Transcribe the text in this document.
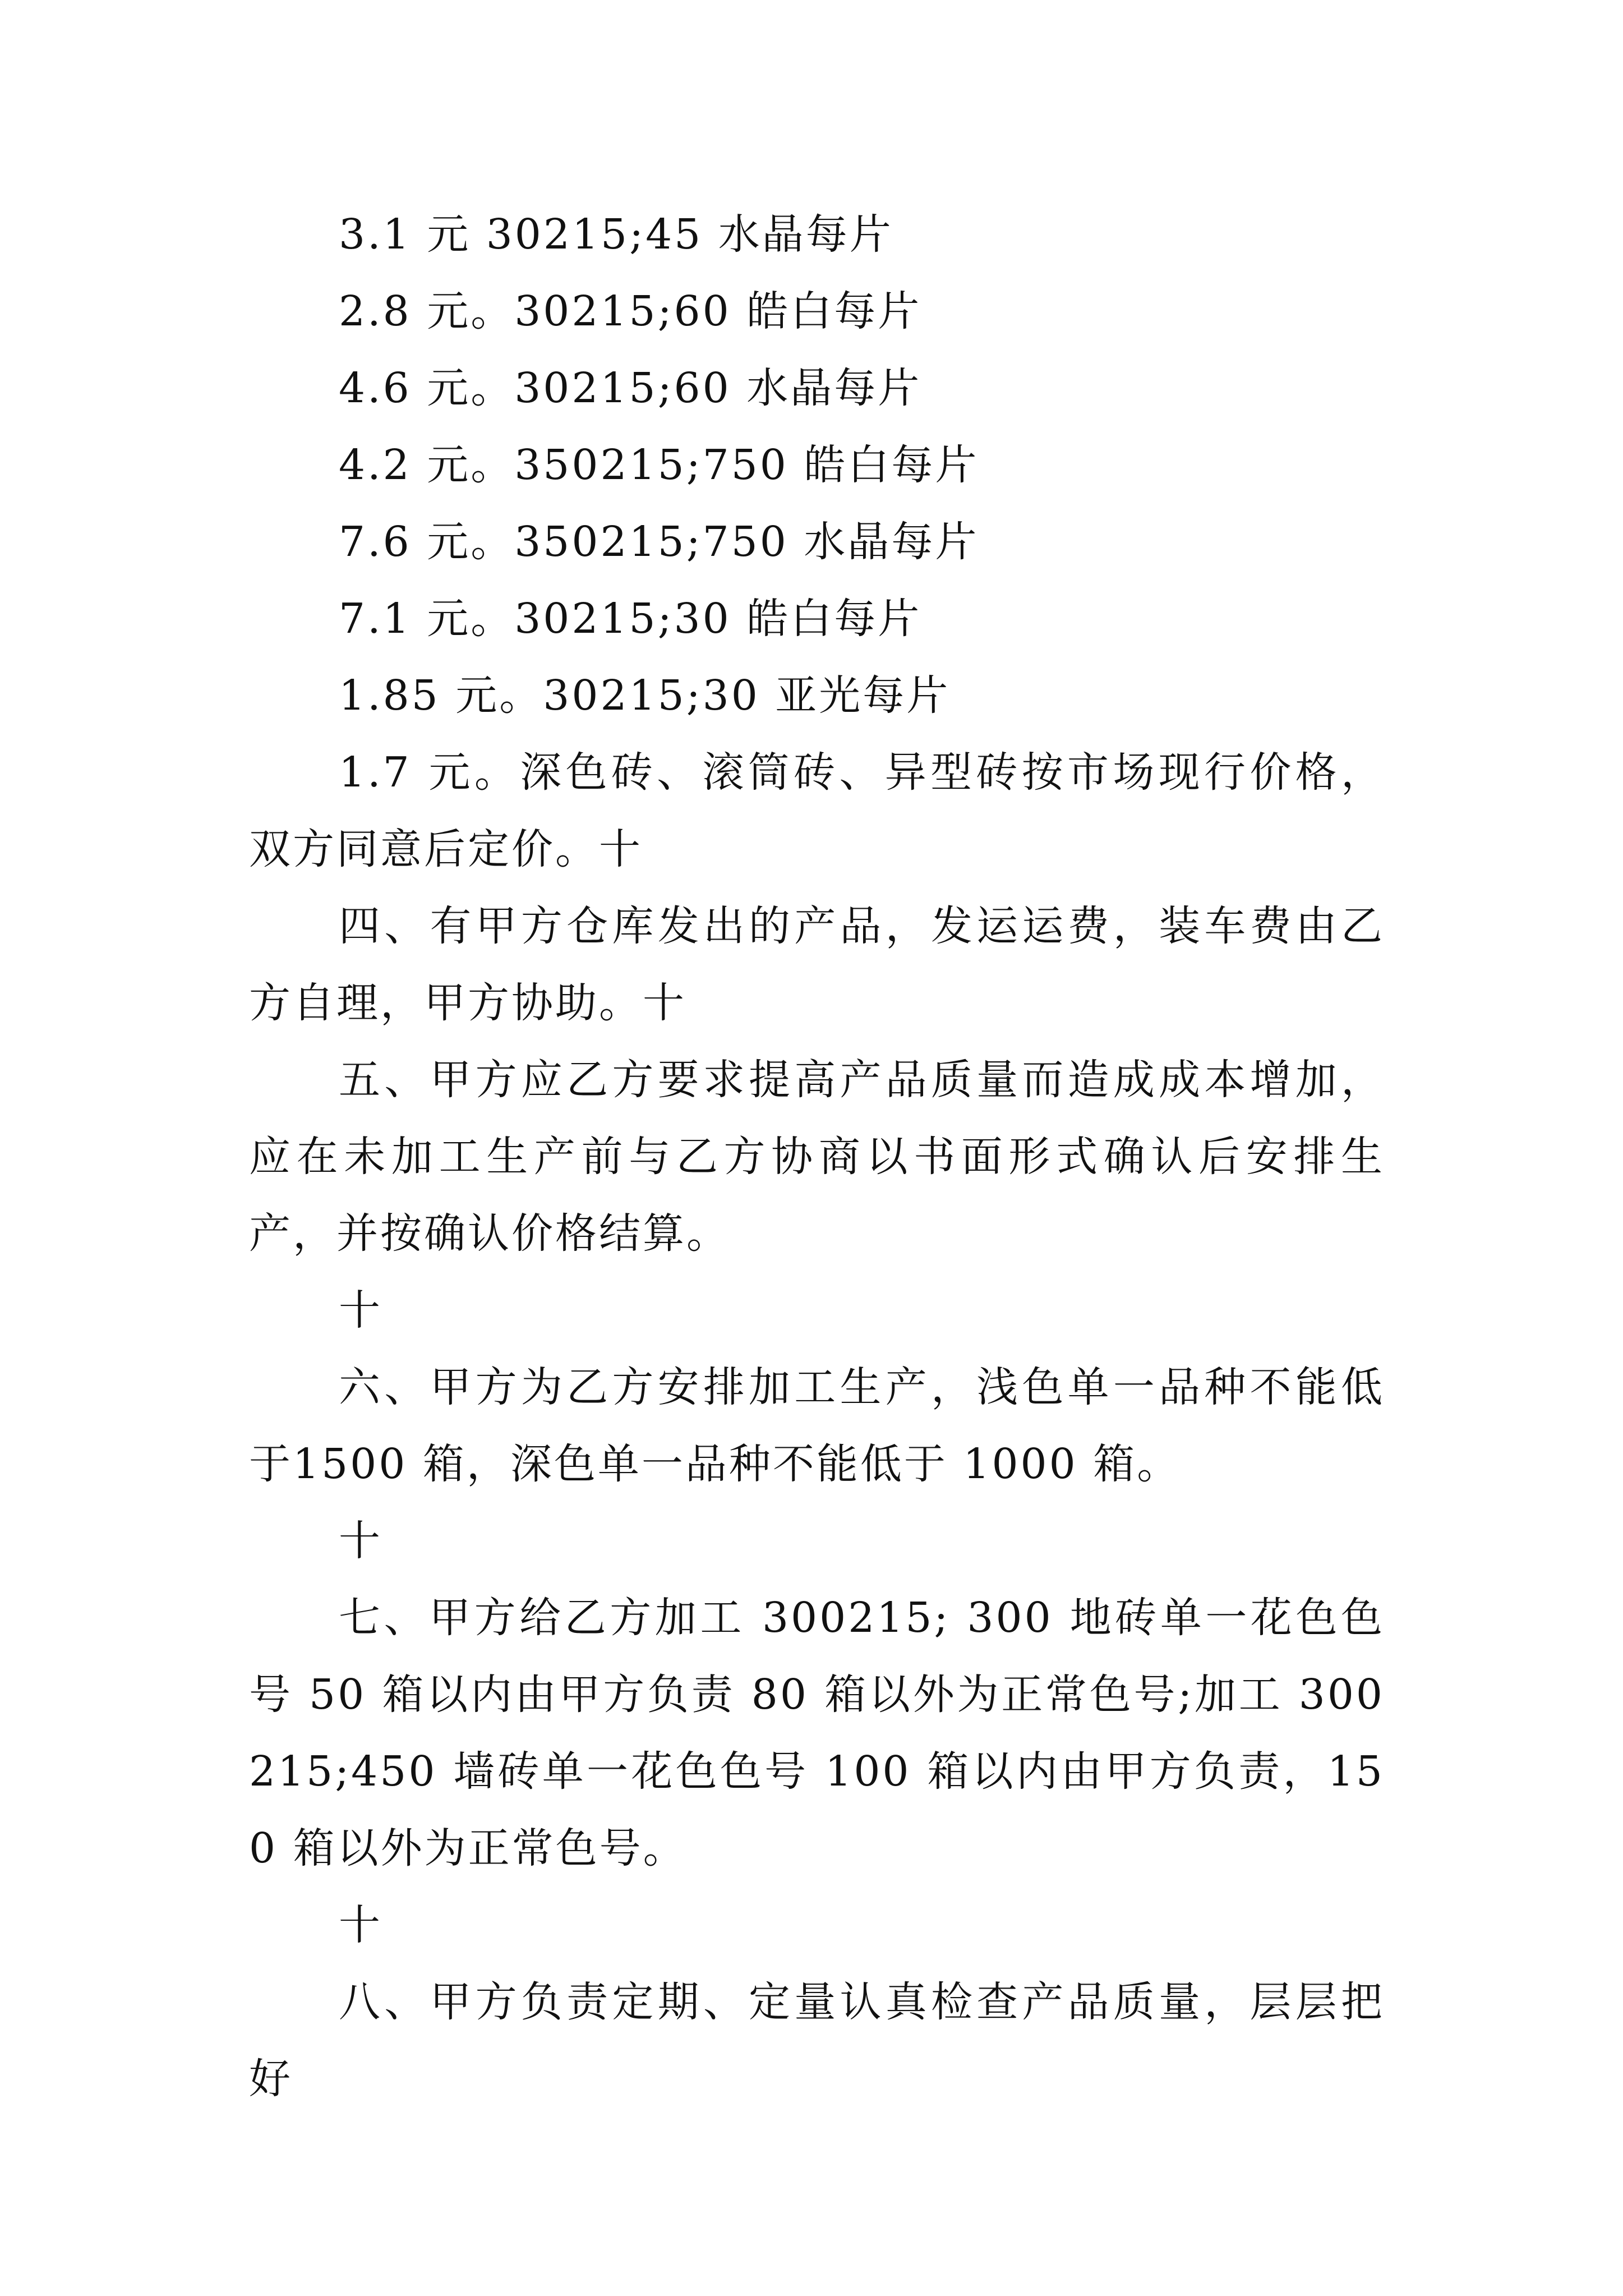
3.1 元 30215;45 水晶每片

2.8 元。30215;60 皓白每片

4.6 元。30215;60 水晶每片

4.2 元。350215;750 皓白每片

7.6 元。350215;750 水晶每片

7.1 元。30215;30 皓白每片

1.85 元。30215;30 亚光每片

1.7 元。深色砖、滚筒砖、异型砖按市场现行价格，双方同意后定价。十

四、有甲方仓库发出的产品，发运运费，装车费由乙方自理，甲方协助。十

五、甲方应乙方要求提高产品质量而造成成本增加，应在未加工生产前与乙方协商以书面形式确认后安排生产，并按确认价格结算。

十

六、甲方为乙方安排加工生产，浅色单一品种不能低于1500 箱，深色单一品种不能低于 1000 箱。

十

七、甲方给乙方加工 300215; 300 地砖单一花色色号 50 箱以内由甲方负责 80 箱以外为正常色号;加工 300215;450 墙砖单一花色色号 100 箱以内由甲方负责，150 箱以外为正常色号。

十

八、甲方负责定期、定量认真检查产品质量，层层把好
